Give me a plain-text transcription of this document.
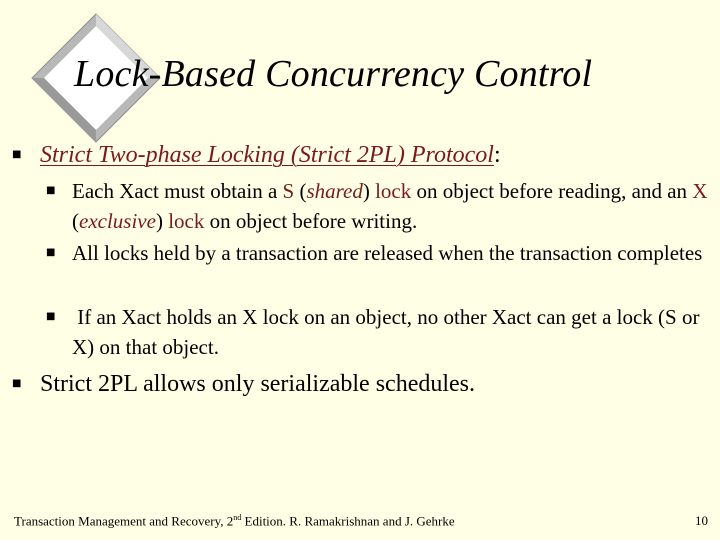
Lock-Based Concurrency Control
■ Strict Two-phase Locking (Strict 2PL) Protocol:
■ Each Xact must obtain a S (shared) lock on object before reading, and an X (exclusive) lock on object before writing.
■ All locks held by a transaction are released when the transaction completes
■ If an Xact holds an X lock on an object, no other Xact can get a lock (S or X) on that object.
■ Strict 2PL allows only serializable schedules.
Transaction Management and Recovery, 2nd Edition. R. Ramakrishnan and J. Gehrke	10
